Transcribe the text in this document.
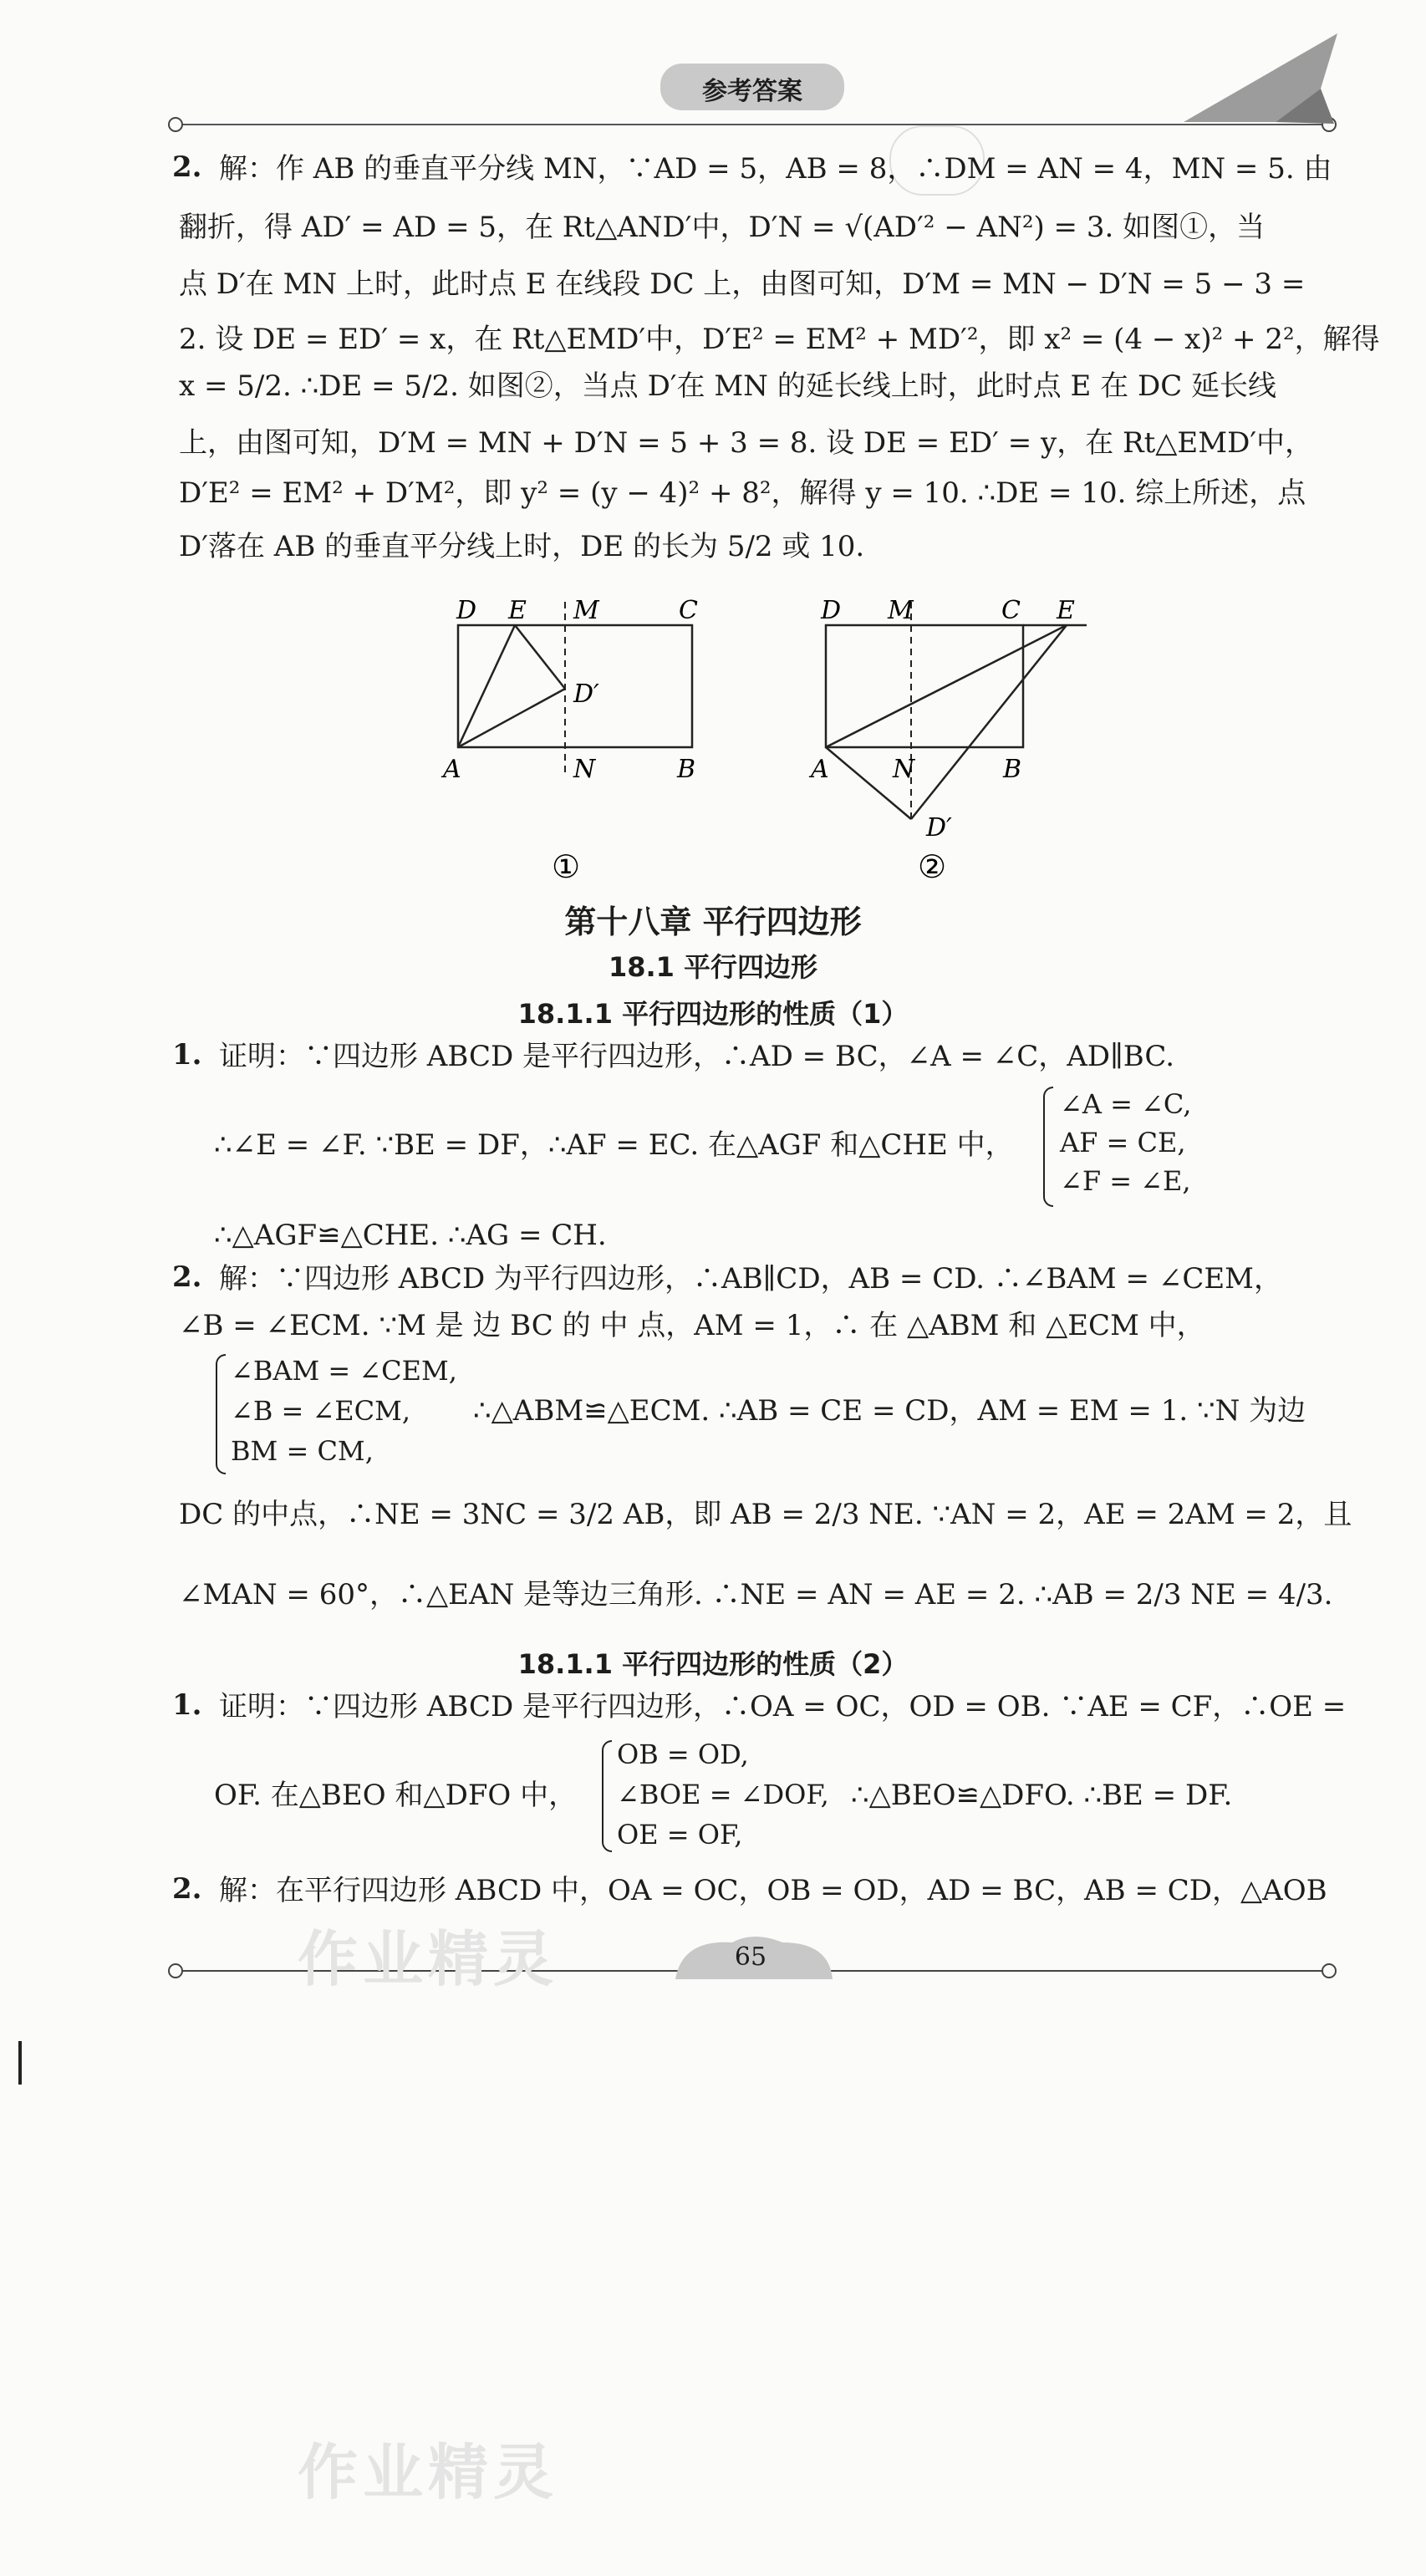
参考答案
2. 解：作 AB 的垂直平分线 MN，∵AD = 5，AB = 8，∴DM = AN = 4，MN = 5. 由
翻折，得 AD′ = AD = 5，在 Rt△AND′中，D′N = √(AD′² − AN²) = 3. 如图①，当
点 D′在 MN 上时，此时点 E 在线段 DC 上，由图可知，D′M = MN − D′N = 5 − 3 =
2. 设 DE = ED′ = x，在 Rt△EMD′中，D′E² = EM² + MD′²，即 x² = (4 − x)² + 2²，解得
x = 5/2. ∴DE = 5/2. 如图②，当点 D′在 MN 的延长线上时，此时点 E 在 DC 延长线
上，由图可知，D′M = MN + D′N = 5 + 3 = 8. 设 DE = ED′ = y，在 Rt△EMD′中，
D′E² = EM² + D′M²，即 y² = (y − 4)² + 8²，解得 y = 10. ∴DE = 10. 综上所述，点
D′落在 AB 的垂直平分线上时，DE 的长为 5/2 或 10.
D E M	C
D′
A	N	B
①
D M	C E
A	N	B
D′
②
第十八章 平行四边形
18.1 平行四边形
18.1.1 平行四边形的性质（1）
1. 证明：∵四边形 ABCD 是平行四边形，∴AD = BC，∠A = ∠C，AD∥BC.
∴∠E = ∠F. ∵BE = DF，∴AF = EC. 在△AGF 和△CHE 中，
∠A = ∠C,
AF = CE,
∠F = ∠E,
∴△AGF≌△CHE. ∴AG = CH.
2. 解：∵四边形 ABCD 为平行四边形，∴AB∥CD，AB = CD. ∴∠BAM = ∠CEM，
∠B = ∠ECM. ∵M 是 边 BC 的 中 点，AM = 1，∴ 在 △ABM 和 △ECM 中，
∠BAM = ∠CEM,
∠B = ∠ECM,
BM = CM,
∴△ABM≌△ECM. ∴AB = CE = CD，AM = EM = 1. ∵N 为边
DC 的中点，∴NE = 3NC = 3/2 AB，即 AB = 2/3 NE. ∵AN = 2，AE = 2AM = 2，且
∠MAN = 60°，∴△EAN 是等边三角形. ∴NE = AN = AE = 2. ∴AB = 2/3 NE = 4/3.
18.1.1 平行四边形的性质（2）
1. 证明：∵四边形 ABCD 是平行四边形，∴OA = OC，OD = OB. ∵AE = CF，∴OE =
OF. 在△BEO 和△DFO 中，
OB = OD,
∠BOE = ∠DOF,
OE = OF,
∴△BEO≌△DFO. ∴BE = DF.
2. 解：在平行四边形 ABCD 中，OA = OC，OB = OD，AD = BC，AB = CD，△AOB
65
作业精灵
作业精灵
